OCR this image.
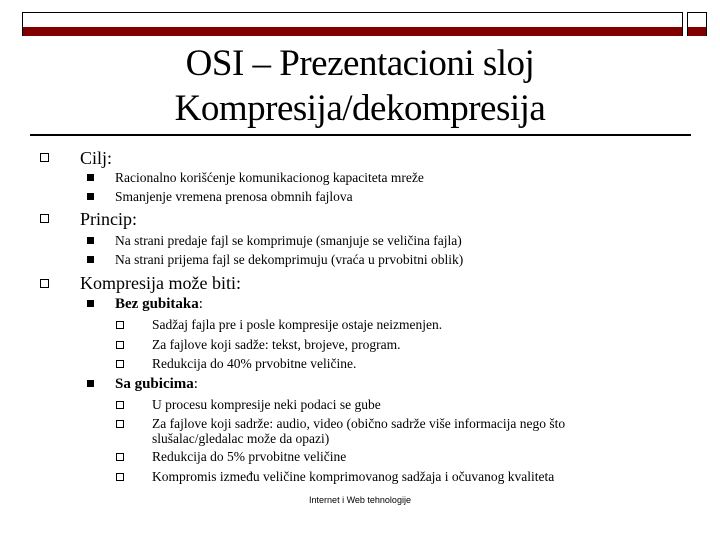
OSI – Prezentacioni sloj
Kompresija/dekompresija
Cilj:
Racionalno korišćenje komunikacionog kapaciteta mreže
Smanjenje vremena prenosa obmnih fajlova
Princip:
Na strani predaje fajl se komprimuje (smanjuje se veličina fajla)
Na strani prijema fajl se dekomprimuju (vraća u prvobitni oblik)
Kompresija može biti:
Bez gubitaka:
Sadžaj fajla pre i posle kompresije ostaje neizmenjen.
Za fajlove koji sadže: tekst, brojeve, program.
Redukcija do 40% prvobitne veličine.
Sa gubicima:
U procesu kompresije neki podaci se gube
Za fajlove koji sadrže: audio, video (obično sadrže više informacija nego što
slušalac/gledalac može da opazi)
Redukcija do 5% prvobitne veličine
Kompromis između veličine komprimovanog sadžaja i očuvanog kvaliteta
Internet i Web tehnologije
